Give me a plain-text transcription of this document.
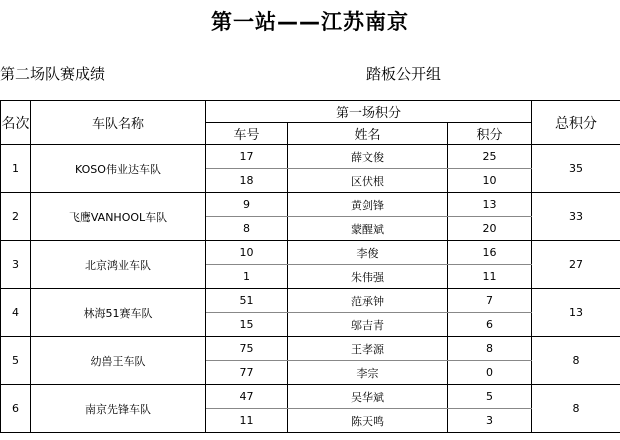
第一站——江苏南京
第二场队赛成绩	踏板公开组
名次	车队名称	第一场积分			总积分
		车号	姓名	积分	
1	KOSO伟业达车队	17	薛文俊	25	35
		18	区伏根	10	
2	飞鹰VANHOOL车队	9	黄剑锋	13	33
		8	蒙醒斌	20	
3	北京鸿业车队	10	李俊	16	27
		1	朱伟强	11	
4	林海51赛车队	51	范承钟	7	13
		15	邬吉青	6	
5	幼兽王车队	75	王孝源	8	8
		77	李宗	0	
6	南京先锋车队	47	吴华斌	5	8
		11	陈天鸣	3	
